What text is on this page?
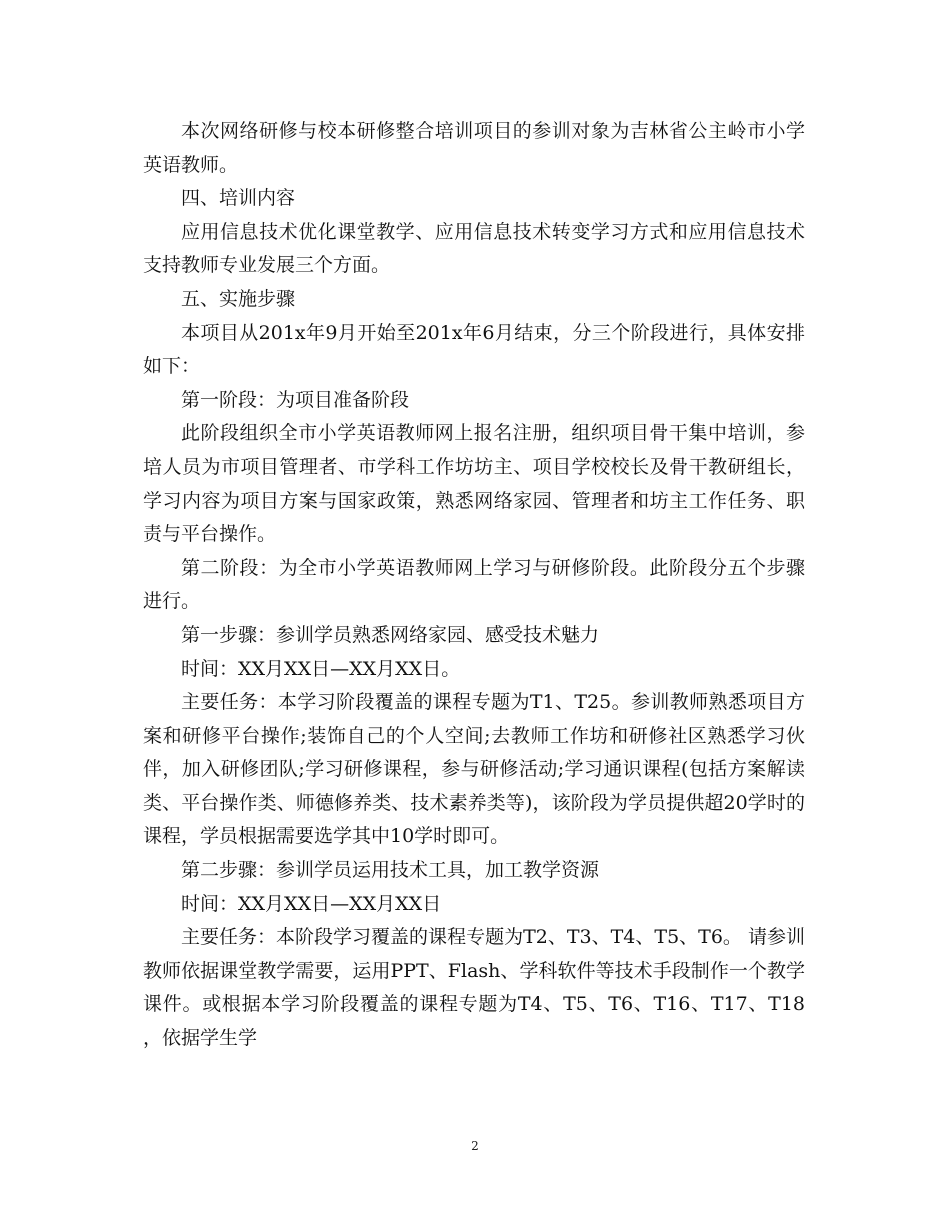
本次网络研修与校本研修整合培训项目的参训对象为吉林省公主岭市小学英语教师。

四、培训内容

应用信息技术优化课堂教学、应用信息技术转变学习方式和应用信息技术支持教师专业发展三个方面。

五、实施步骤

本项目从201x年9月开始至201x年6月结束，分三个阶段进行，具体安排如下：

第一阶段：为项目准备阶段

此阶段组织全市小学英语教师网上报名注册，组织项目骨干集中培训，参培人员为市项目管理者、市学科工作坊坊主、项目学校校长及骨干教研组长，学习内容为项目方案与国家政策，熟悉网络家园、管理者和坊主工作任务、职责与平台操作。

第二阶段：为全市小学英语教师网上学习与研修阶段。此阶段分五个步骤进行。

第一步骤：参训学员熟悉网络家园、感受技术魅力

时间：XX月XX日—XX月XX日。

主要任务：本学习阶段覆盖的课程专题为T1、T25。参训教师熟悉项目方案和研修平台操作;装饰自己的个人空间;去教师工作坊和研修社区熟悉学习伙伴，加入研修团队;学习研修课程，参与研修活动;学习通识课程(包括方案解读类、平台操作类、师德修养类、技术素养类等)，该阶段为学员提供超20学时的课程，学员根据需要选学其中10学时即可。

第二步骤：参训学员运用技术工具，加工教学资源

时间：XX月XX日—XX月XX日

主要任务：本阶段学习覆盖的课程专题为T2、T3、T4、T5、T6。 请参训教师依据课堂教学需要，运用PPT、Flash、学科软件等技术手段制作一个教学课件。或根据本学习阶段覆盖的课程专题为T4、T5、T6、T16、T17、T18 ，依据学生学

2
